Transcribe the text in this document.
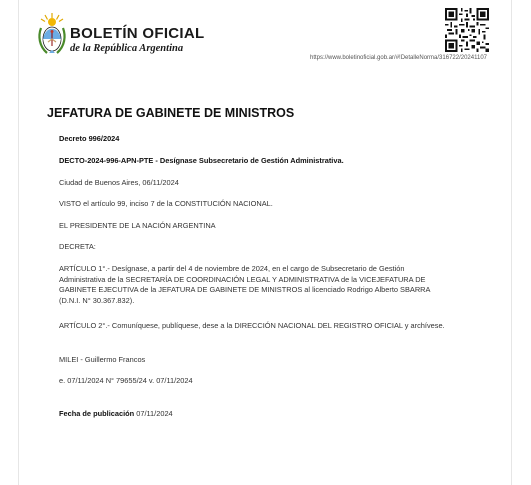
BOLETÍN OFICIAL
de la República Argentina
https://www.boletinoficial.gob.ar/#!DetalleNorma/316722/20241107
JEFATURA DE GABINETE DE MINISTROS
Decreto 996/2024
DECTO-2024-996-APN-PTE - Desígnase Subsecretario de Gestión Administrativa.
Ciudad de Buenos Aires, 06/11/2024
VISTO el artículo 99, inciso 7 de la CONSTITUCIÓN NACIONAL.
EL PRESIDENTE DE LA NACIÓN ARGENTINA
DECRETA:
ARTÍCULO 1°.- Desígnase, a partir del 4 de noviembre de 2024, en el cargo de Subsecretario de Gestión Administrativa de la SECRETARÍA DE COORDINACIÓN LEGAL Y ADMINISTRATIVA de la VICEJEFATURA DE GABINETE EJECUTIVA de la JEFATURA DE GABINETE DE MINISTROS al licenciado Rodrigo Alberto SBARRA (D.N.I. N° 30.367.832).
ARTÍCULO 2°.- Comuníquese, publíquese, dese a la DIRECCIÓN NACIONAL DEL REGISTRO OFICIAL y archívese.
MILEI - Guillermo Francos
e. 07/11/2024 N° 79655/24 v. 07/11/2024
Fecha de publicación 07/11/2024
